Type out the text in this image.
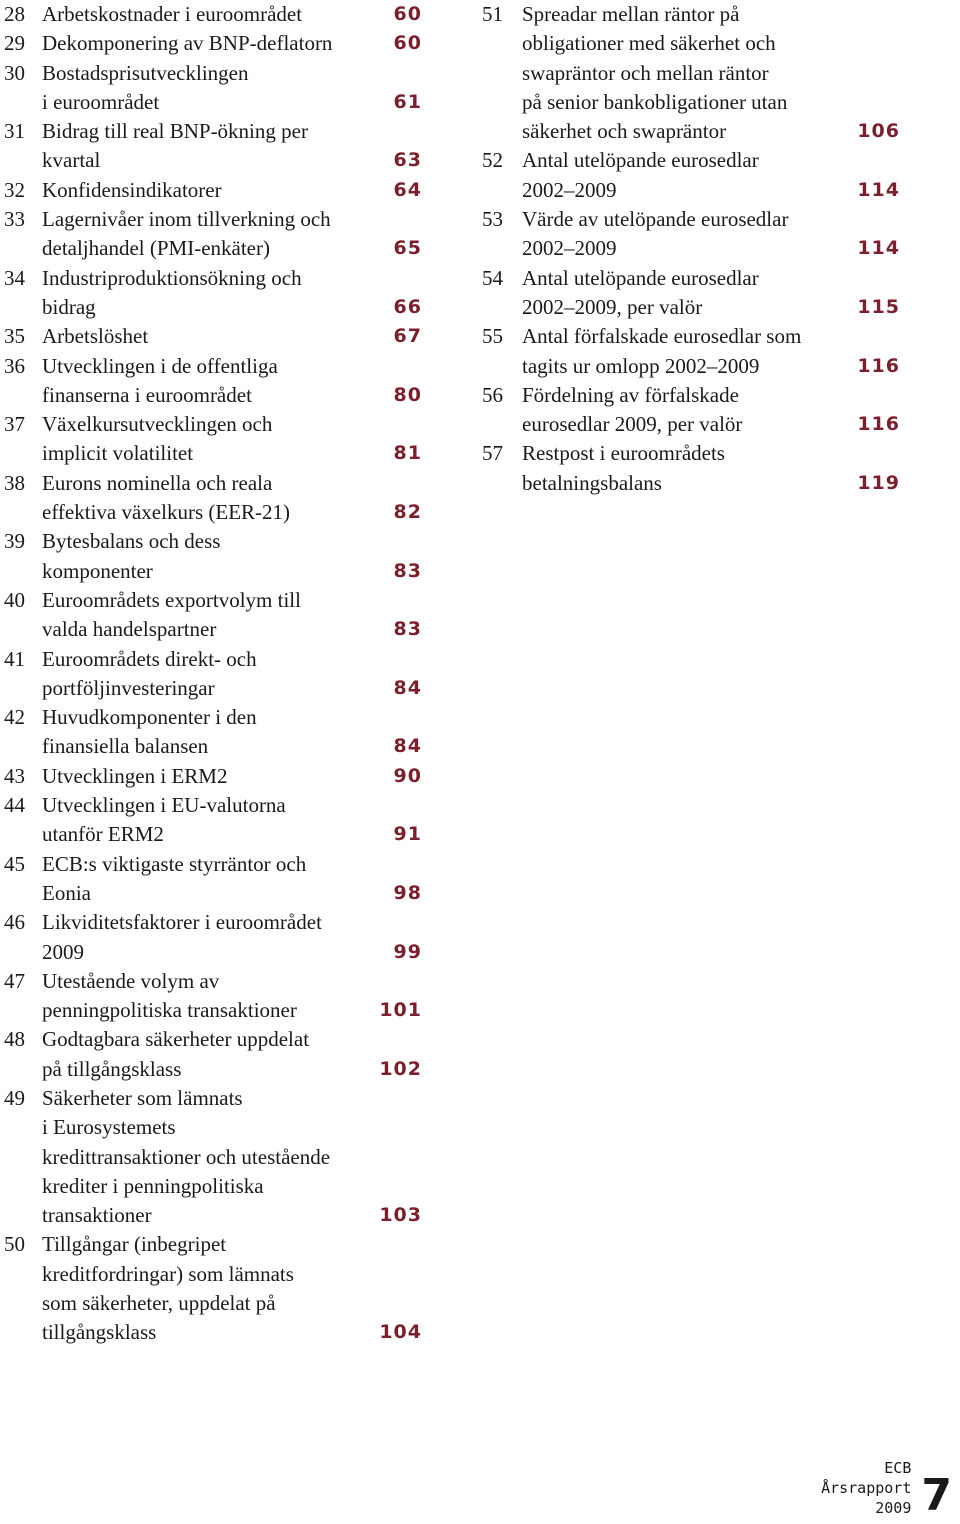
28 Arbetskostnader i euroområdet	60
29 Dekomponering av BNP-deflatorn	60
30 Bostadsprisutvecklingen
i euroområdet	61
31 Bidrag till real BNP-ökning per
kvartal	63
32 Konfidensindikatorer	64
33 Lagernivåer inom tillverkning och
detaljhandel (PMI-enkäter)	65
34 Industriproduktionsökning och
bidrag	66
35 Arbetslöshet	67
36 Utvecklingen i de offentliga
finanserna i euroområdet	80
37 Växelkursutvecklingen och
implicit volatilitet	81
38 Eurons nominella och reala
effektiva växelkurs (EER-21)	82
39 Bytesbalans och dess
komponenter	83
40 Euroområdets exportvolym till
valda handelspartner	83
41 Euroområdets direkt- och
portföljinvesteringar	84
42 Huvudkomponenter i den
finansiella balansen	84
43 Utvecklingen i ERM2	90
44 Utvecklingen i EU-valutorna
utanför ERM2	91
45 ECB:s viktigaste styrräntor och
Eonia	98
46 Likviditetsfaktorer i euroområdet
2009	99
47 Utestående volym av
penningpolitiska transaktioner	101
48 Godtagbara säkerheter uppdelat
på tillgångsklass	102
49 Säkerheter som lämnats
i Eurosystemets
kredittransaktioner och utestående
krediter i penningpolitiska
transaktioner	103
50 Tillgångar (inbegripet
kreditfordringar) som lämnats
som säkerheter, uppdelat på
tillgångsklass	104
51 Spreadar mellan räntor på
obligationer med säkerhet och
swapräntor och mellan räntor
på senior bankobligationer utan
säkerhet och swapräntor	106
52 Antal utelöpande eurosedlar
2002–2009	114
53 Värde av utelöpande eurosedlar
2002–2009	114
54 Antal utelöpande eurosedlar
2002–2009, per valör	115
55 Antal förfalskade eurosedlar som
tagits ur omlopp 2002–2009	116
56 Fördelning av förfalskade
eurosedlar 2009, per valör	116
57 Restpost i euroområdets
betalningsbalans	119
ECB
Årsrapport
2009 7
